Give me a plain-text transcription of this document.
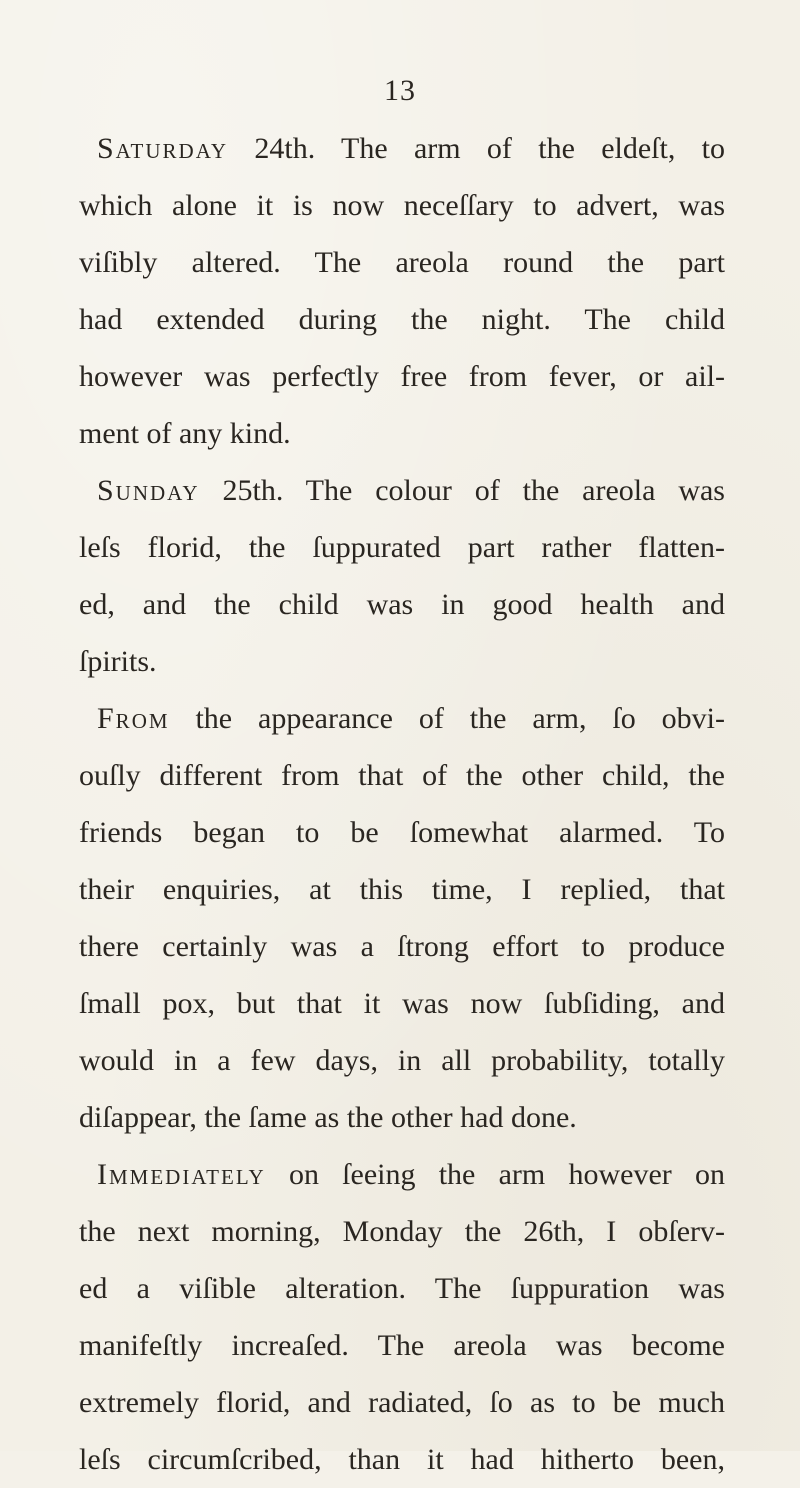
13
Saturday 24th. The arm of the eldeſt, to
which alone it is now neceſſary to advert, was
viſibly altered. The areola round the part
had extended during the night. The child
however was perfeƈtly free from fever, or ail-
ment of any kind.
Sunday 25th. The colour of the areola was
leſs florid, the ſuppurated part rather flatten-
ed, and the child was in good health and
ſpirits.
From the appearance of the arm, ſo obvi-
ouſly different from that of the other child, the
friends began to be ſomewhat alarmed. To
their enquiries, at this time, I replied, that
there certainly was a ſtrong effort to produce
ſmall pox, but that it was now ſubſiding, and
would in a few days, in all probability, totally
diſappear, the ſame as the other had done.
Immediately on ſeeing the arm however on
the next morning, Monday the 26th, I obſerv-
ed a viſible alteration. The ſuppuration was
manifeſtly increaſed. The areola was become
extremely florid, and radiated, ſo as to be much
leſs circumſcribed, than it had hitherto been,
